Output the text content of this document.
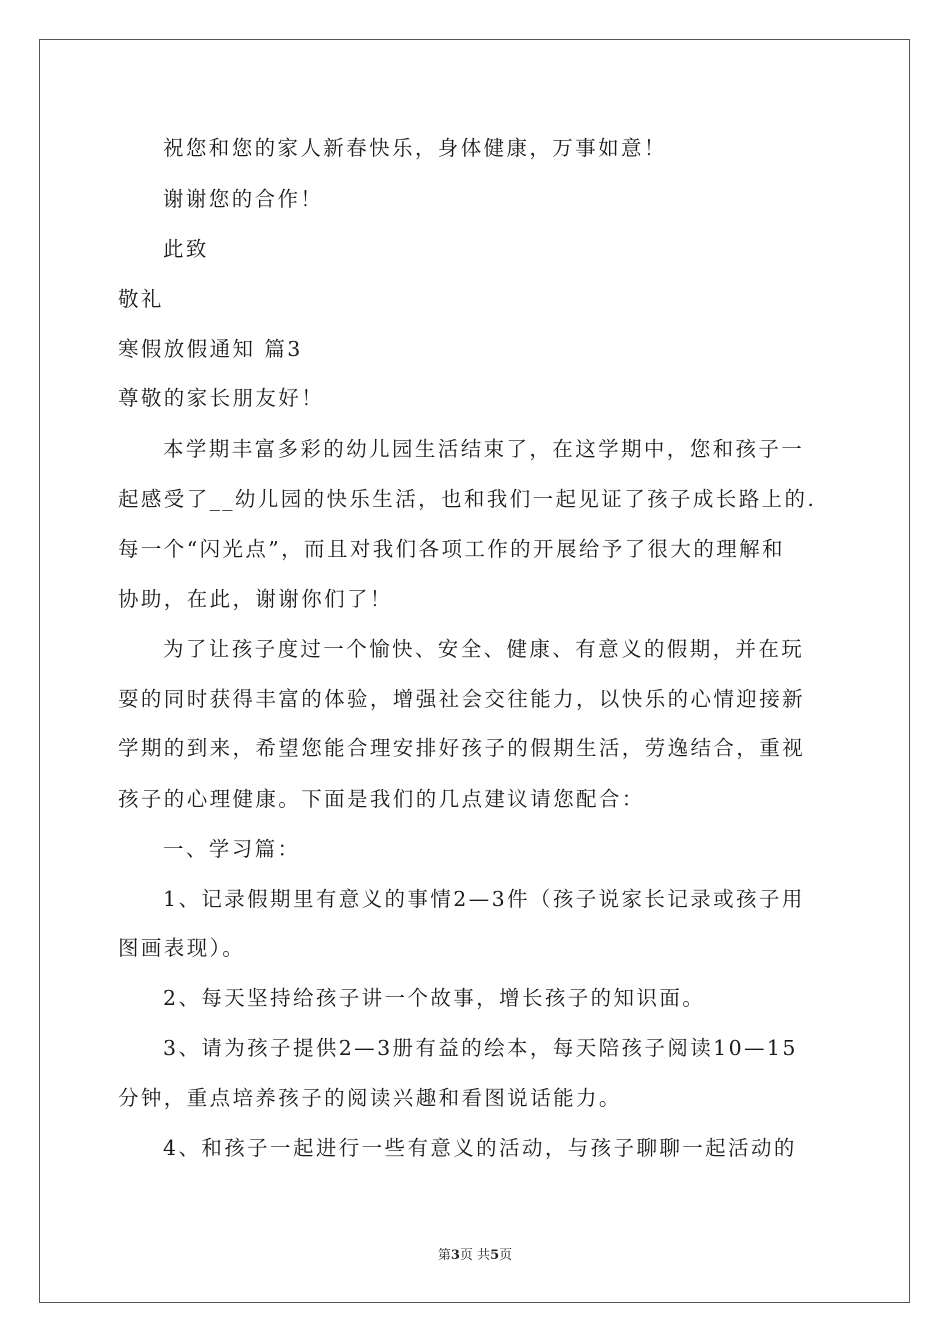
祝您和您的家人新春快乐，身体健康，万事如意！
谢谢您的合作！
此致
敬礼
寒假放假通知 篇3
尊敬的家长朋友好！
本学期丰富多彩的幼儿园生活结束了，在这学期中，您和孩子一
起感受了__幼儿园的快乐生活，也和我们一起见证了孩子成长路上的.
每一个“闪光点”，而且对我们各项工作的开展给予了很大的理解和
协助，在此，谢谢你们了！
为了让孩子度过一个愉快、安全、健康、有意义的假期，并在玩
耍的同时获得丰富的体验，增强社会交往能力，以快乐的心情迎接新
学期的到来，希望您能合理安排好孩子的假期生活，劳逸结合，重视
孩子的心理健康。下面是我们的几点建议请您配合：
一、学习篇：
1、记录假期里有意义的事情2—3件（孩子说家长记录或孩子用
图画表现）。
2、每天坚持给孩子讲一个故事，增长孩子的知识面。
3、请为孩子提供2—3册有益的绘本，每天陪孩子阅读10—15
分钟，重点培养孩子的阅读兴趣和看图说话能力。
4、和孩子一起进行一些有意义的活动，与孩子聊聊一起活动的
第3页 共5页
